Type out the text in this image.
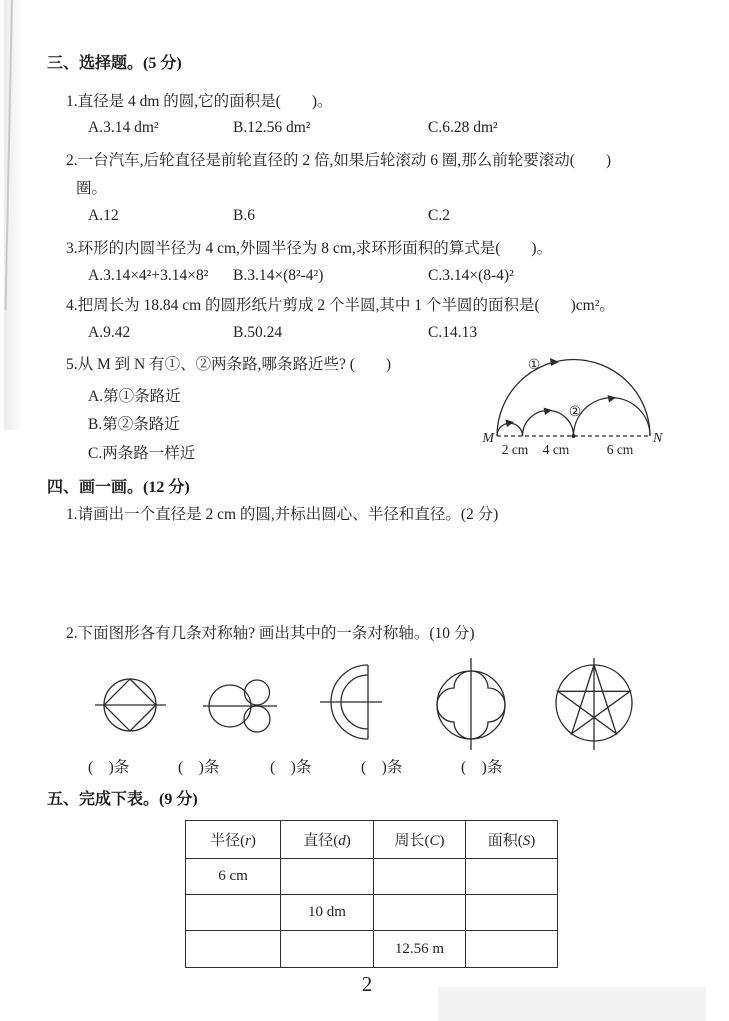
三、选择题。(5 分)
1.直径是 4 dm 的圆,它的面积是(　　)。
A.3.14 dm²	B.12.56 dm²	C.6.28 dm²
2.一台汽车,后轮直径是前轮直径的 2 倍,如果后轮滚动 6 圈,那么前轮要滚动(　　)
圈。
A.12	B.6	C.2
3.环形的内圆半径为 4 cm,外圆半径为 8 cm,求环形面积的算式是(　　)。
A.3.14×4²+3.14×8² B.3.14×(8²-4²)	C.3.14×(8-4)²
4.把周长为 18.84 cm 的圆形纸片剪成 2 个半圆,其中 1 个半圆的面积是(　　)cm²。
A.9.42	B.50.24	C.14.13
5.从 M 到 N 有①、②两条路,哪条路近些? (　　)
A.第①条路近
B.第②条路近
C.两条路一样近
①
②
M	N
2 cm 4 cm	6 cm
四、画一画。(12 分)
1.请画出一个直径是 2 cm 的圆,并标出圆心、半径和直径。(2 分)
2.下面图形各有几条对称轴? 画出其中的一条对称轴。(10 分)
(　)条	(　)条	(　)条	(　)条	(　)条
五、完成下表。(9 分)
半径(r)	直径(d)	周长(C)	面积(S)
6 cm			
	10 dm		
		12.56 m	
2
